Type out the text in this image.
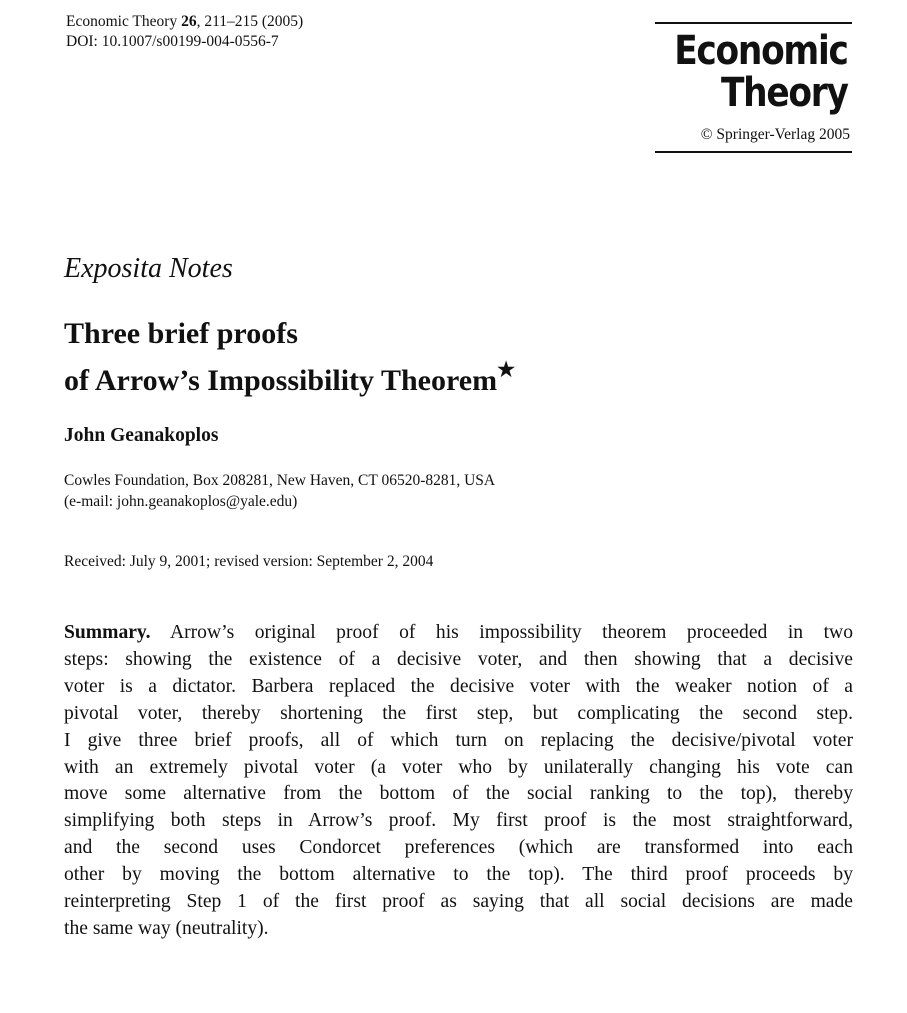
Economic Theory 26, 211–215 (2005)
DOI: 10.1007/s00199-004-0556-7	Economic
Theory
© Springer-Verlag 2005
Exposita Notes
Three brief proofs
of Arrow’s Impossibility Theorem★
John Geanakoplos
Cowles Foundation, Box 208281, New Haven, CT 06520-8281, USA
(e-mail: john.geanakoplos@yale.edu)
Received: July 9, 2001; revised version: September 2, 2004
Summary. Arrow’s original proof of his impossibility theorem proceeded in two
steps: showing the existence of a decisive voter, and then showing that a decisive
voter is a dictator. Barbera replaced the decisive voter with the weaker notion of a
pivotal voter, thereby shortening the first step, but complicating the second step.
I give three brief proofs, all of which turn on replacing the decisive/pivotal voter
with an extremely pivotal voter (a voter who by unilaterally changing his vote can
move some alternative from the bottom of the social ranking to the top), thereby
simplifying both steps in Arrow’s proof. My first proof is the most straightforward,
and the second uses Condorcet preferences (which are transformed into each
other by moving the bottom alternative to the top). The third proof proceeds by
reinterpreting Step 1 of the first proof as saying that all social decisions are made
the same way (neutrality).
